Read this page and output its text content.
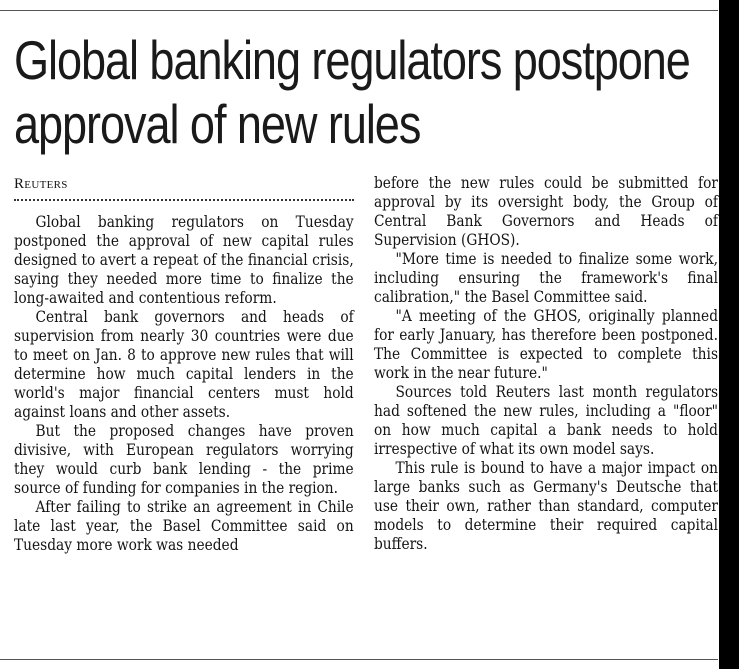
Global banking regulators postpone
approval of new rules
Reuters

Global banking regulators on Tuesday postponed the approval of new capital rules designed to avert a repeat of the financial crisis, saying they needed more time to finalize the long-awaited and contentious reform.

Central bank governors and heads of supervision from nearly 30 countries were due to meet on Jan. 8 to approve new rules that will determine how much capital lenders in the world's major financial centers must hold against loans and other assets.

But the proposed changes have proven divisive, with European regulators worrying they would curb bank lending - the prime source of funding for companies in the region.

After failing to strike an agreement in Chile late last year, the Basel Committee said on Tuesday more work was needed

before the new rules could be submitted for approval by its oversight body, the Group of Central Bank Governors and Heads of Supervision (GHOS).

"More time is needed to finalize some work, including ensuring the framework's final calibration," the Basel Committee said.

"A meeting of the GHOS, originally planned for early January, has therefore been postponed. The Committee is expected to complete this work in the near future."

Sources told Reuters last month regulators had softened the new rules, including a "floor" on how much capital a bank needs to hold irrespective of what its own model says.

This rule is bound to have a major impact on large banks such as Germany's Deutsche that use their own, rather than standard, computer models to determine their required capital buffers.
